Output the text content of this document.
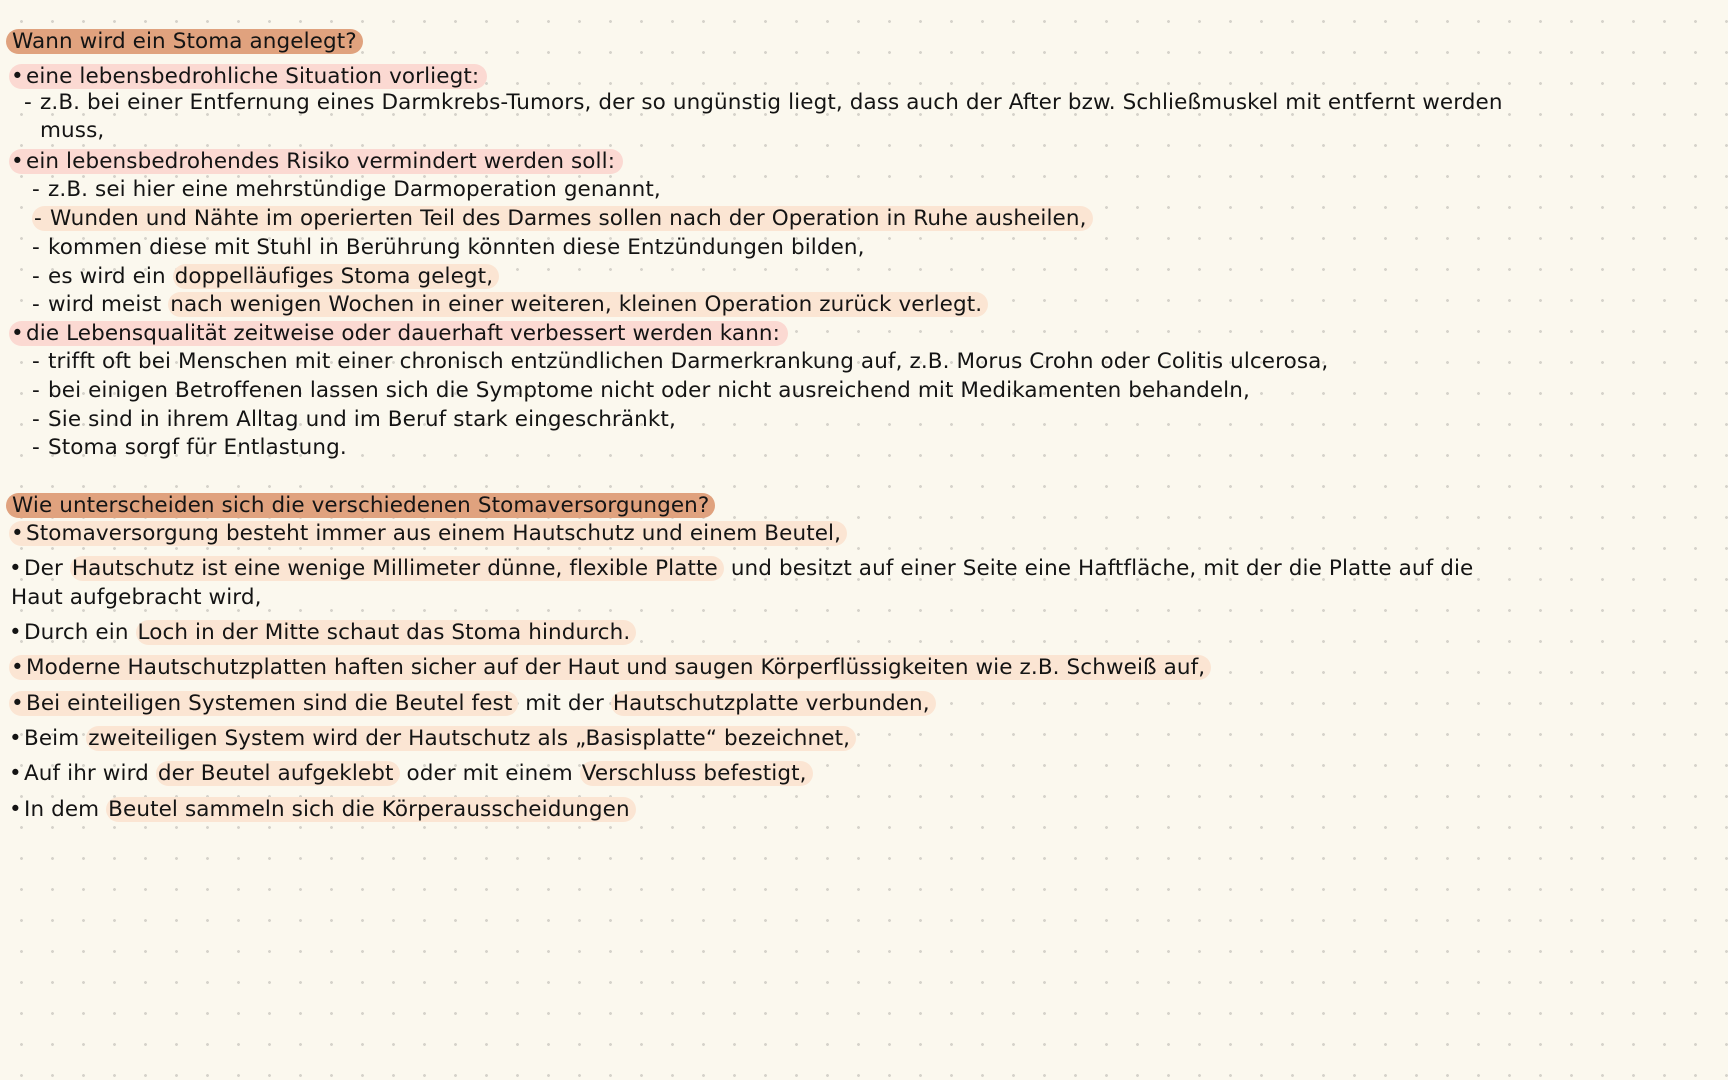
Wann wird ein Stoma angelegt?
• eine lebensbedrohliche Situation vorliegt:
- z.B. bei einer Entfernung eines Darmkrebs-Tumors, der so ungünstig liegt, dass auch der After bzw. Schließmuskel mit entfernt werden
muss,
• ein lebensbedrohendes Risiko vermindert werden soll:
- z.B. sei hier eine mehrstündige Darmoperation genannt,
- Wunden und Nähte im operierten Teil des Darmes sollen nach der Operation in Ruhe ausheilen,
- kommen diese mit Stuhl in Berührung könnten diese Entzündungen bilden,
- es wird ein doppelläufiges Stoma gelegt,
- wird meist nach wenigen Wochen in einer weiteren, kleinen Operation zurück verlegt.
• die Lebensqualität zeitweise oder dauerhaft verbessert werden kann:
- trifft oft bei Menschen mit einer chronisch entzündlichen Darmerkrankung auf, z.B. Morus Crohn oder Colitis ulcerosa,
- bei einigen Betroffenen lassen sich die Symptome nicht oder nicht ausreichend mit Medikamenten behandeln,
- Sie sind in ihrem Alltag und im Beruf stark eingeschränkt,
- Stoma sorgf für Entlastung.
Wie unterscheiden sich die verschiedenen Stomaversorgungen?
• Stomaversorgung besteht immer aus einem Hautschutz und einem Beutel,
• Der Hautschutz ist eine wenige Millimeter dünne, flexible Platte und besitzt auf einer Seite eine Haftfläche, mit der die Platte auf die
Haut aufgebracht wird,
• Durch ein Loch in der Mitte schaut das Stoma hindurch.
• Moderne Hautschutzplatten haften sicher auf der Haut und saugen Körperflüssigkeiten wie z.B. Schweiß auf,
• Bei einteiligen Systemen sind die Beutel fest mit der Hautschutzplatte verbunden,
• Beim zweiteiligen System wird der Hautschutz als „Basisplatte“ bezeichnet,
• Auf ihr wird der Beutel aufgeklebt oder mit einem Verschluss befestigt,
• In dem Beutel sammeln sich die Körperausscheidungen
